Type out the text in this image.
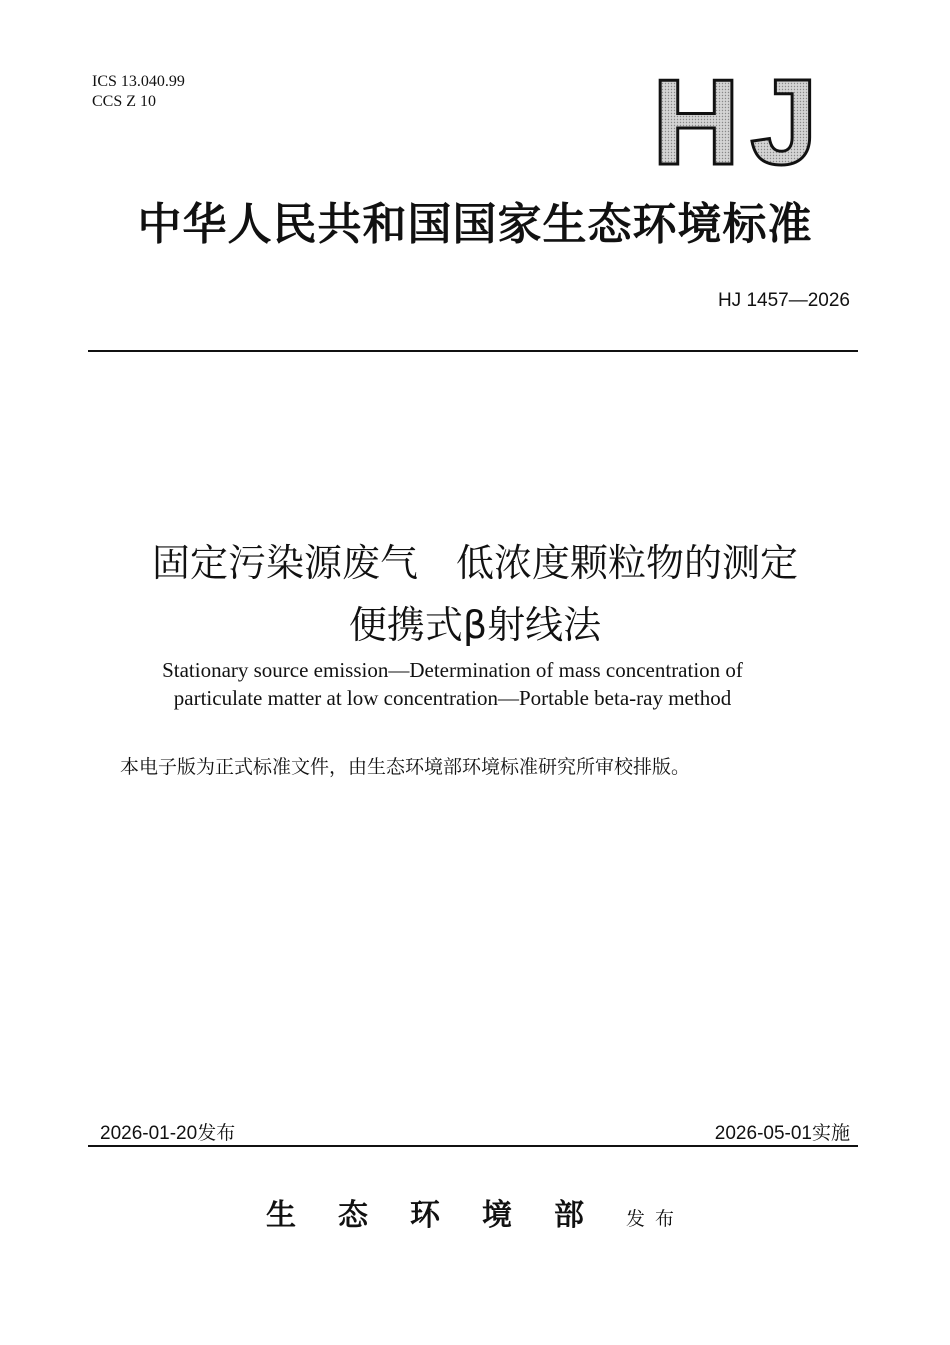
ICS 13.040.99
CCS Z 10	HJ
中华人民共和国国家生态环境标准
HJ 1457—2026
固定污染源废气　低浓度颗粒物的测定
便携式β射线法
Stationary source emission—Determination of mass concentration of
particulate matter at low concentration—Portable beta-ray method
本电子版为正式标准文件，由生态环境部环境标准研究所审校排版。
2026-01-20发布	2026-05-01实施
生态环境部发布
